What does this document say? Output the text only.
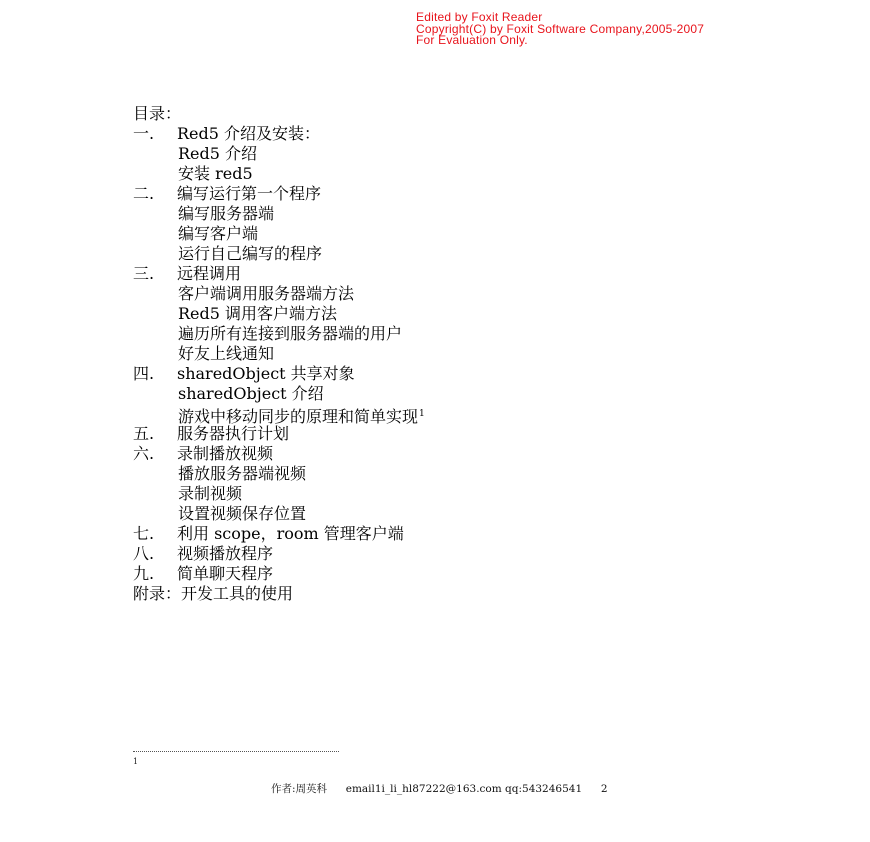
Edited by Foxit Reader
Copyright(C) by Foxit Software Company,2005-2007
For Evaluation Only.
目录：
一. Red5 介绍及安装：
Red5 介绍
安装 red5
二. 编写运行第一个程序
编写服务器端
编写客户端
运行自己编写的程序
三. 远程调用
客户端调用服务器端方法
Red5 调用客户端方法
遍历所有连接到服务器端的用户
好友上线通知
四. sharedObject 共享对象
sharedObject 介绍
游戏中移动同步的原理和简单实现$^1$
五. 服务器执行计划
六. 录制播放视频
播放服务器端视频
录制视频
设置视频保存位置
七. 利用 scope，room 管理客户端
八. 视频播放程序
九. 简单聊天程序
附录：开发工具的使用
1
作者:周英科 email1i_li_hl87222@163.com qq:543246541 2
